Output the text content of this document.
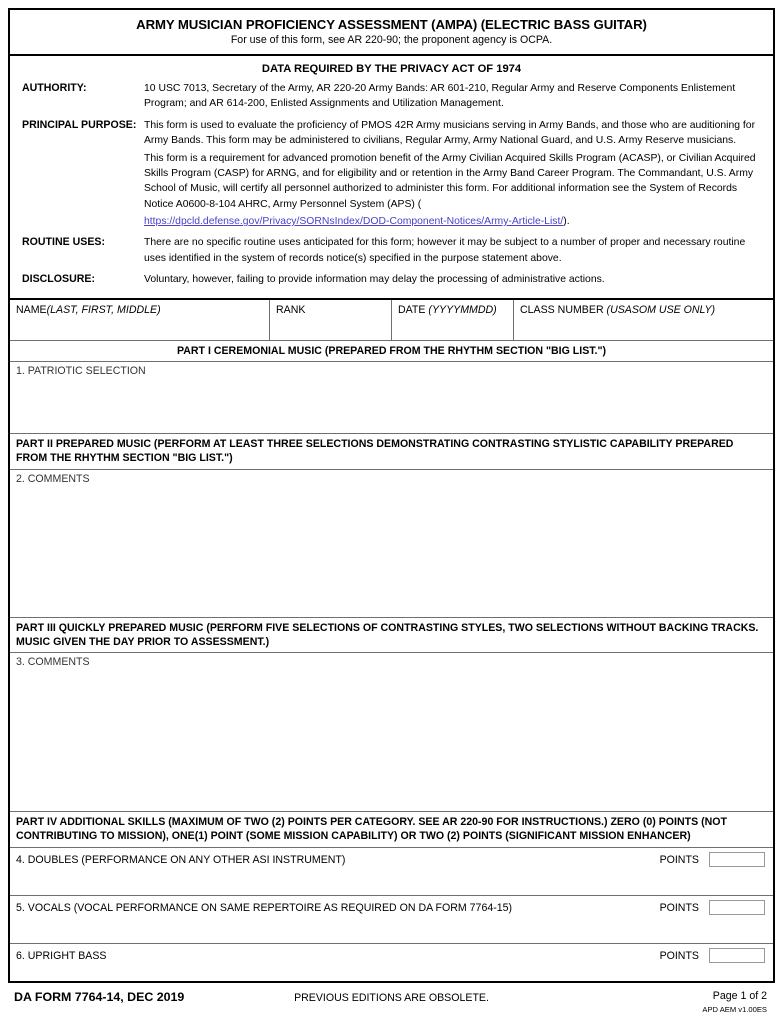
ARMY MUSICIAN PROFICIENCY ASSESSMENT (AMPA) (ELECTRIC BASS GUITAR)
For use of this form, see AR 220-90; the proponent agency is OCPA.
DATA REQUIRED BY THE PRIVACY ACT OF 1974
AUTHORITY:	10 USC 7013, Secretary of the Army, AR 220-20 Army Bands: AR 601-210, Regular Army and Reserve Components Enlistement Program; and AR 614-200, Enlisted Assignments and Utilization Management.
PRINCIPAL PURPOSE: This form is used to evaluate the proficiency of PMOS 42R Army musicians serving in Army Bands, and those who are auditioning for Army Bands. This form may be administered to civilians, Regular Army, Army National Guard, and U.S. Army Reserve musicians.

This form is a requirement for advanced promotion benefit of the Army Civilian Acquired Skills Program (ACASP), or Civilian Acquired Skills Program (CASP) for ARNG, and for eligibility and or retention in the Army Band Career Program. The Commandant, U.S. Army School of Music, will certify all personnel authorized to administer this form. For additional information see the System of Records Notice A0600-8-104 AHRC, Army Personnel System (APS) (

https://dpcld.defense.gov/Privacy/SORNsIndex/DOD-Component-Notices/Army-Article-List/).

ROUTINE USES:	There are no specific routine uses anticipated for this form; however it may be subject to a number of proper and necessary routine uses identified in the system of records notice(s) specified in the purpose statement above.
DISCLOSURE:	Voluntary, however, failing to provide information may delay the processing of administrative actions.
NAME(LAST, FIRST, MIDDLE)	RANK	DATE (YYYYMMDD)	CLASS NUMBER (USASOM USE ONLY)
PART I CEREMONIAL MUSIC (PREPARED FROM THE RHYTHM SECTION "BIG LIST.")
1. PATRIOTIC SELECTION
PART II PREPARED MUSIC (PERFORM AT LEAST THREE SELECTIONS DEMONSTRATING CONTRASTING STYLISTIC CAPABILITY PREPARED FROM THE RHYTHM SECTION "BIG LIST.")
2. COMMENTS
PART III QUICKLY PREPARED MUSIC (PERFORM FIVE SELECTIONS OF CONTRASTING STYLES, TWO SELECTIONS WITHOUT BACKING TRACKS. MUSIC GIVEN THE DAY PRIOR TO ASSESSMENT.)
3. COMMENTS
PART IV ADDITIONAL SKILLS (MAXIMUM OF TWO (2) POINTS PER CATEGORY. SEE AR 220-90 FOR INSTRUCTIONS.) ZERO (0) POINTS (NOT CONTRIBUTING TO MISSION), ONE(1) POINT (SOME MISSION CAPABILITY) OR TWO (2) POINTS (SIGNIFICANT MISSION ENHANCER)
4. DOUBLES (PERFORMANCE ON ANY OTHER ASI INSTRUMENT)	POINTS
5. VOCALS (VOCAL PERFORMANCE ON SAME REPERTOIRE AS REQUIRED ON DA FORM 7764-15)	POINTS
6. UPRIGHT BASS	POINTS
DA FORM 7764-14, DEC 2019	PREVIOUS EDITIONS ARE OBSOLETE.	Page 1 of 2
APD AEM v1.00ES
